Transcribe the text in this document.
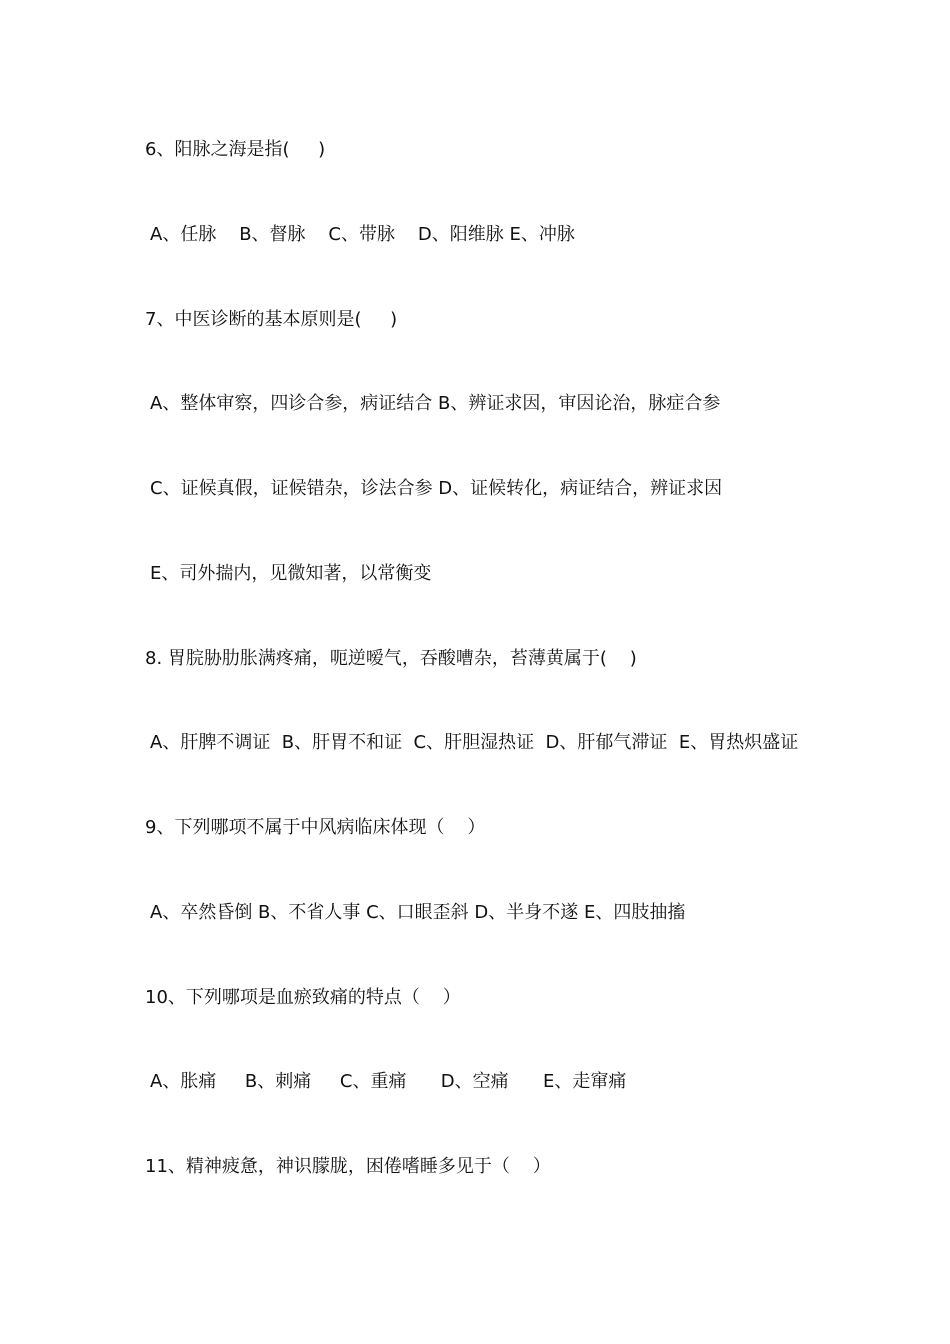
6、阳脉之海是指(     )
A、任脉    B、督脉    C、带脉    D、阳维脉 E、冲脉
7、中医诊断的基本原则是(     )
A、整体审察，四诊合参，病证结合 B、辨证求因，审因论治，脉症合参
C、证候真假，证候错杂，诊法合参 D、证候转化，病证结合，辨证求因
E、司外揣内，见微知著，以常衡变
8. 胃脘胁肋胀满疼痛，呃逆嗳气，吞酸嘈杂，苔薄黄属于(    )
A、肝脾不调证  B、肝胃不和证  C、肝胆湿热证  D、肝郁气滞证  E、胃热炽盛证
9、下列哪项不属于中风病临床体现（    ）
A、卒然昏倒 B、不省人事 C、口眼歪斜 D、半身不遂 E、四肢抽搐
10、下列哪项是血瘀致痛的特点（    ）
A、胀痛     B、刺痛     C、重痛      D、空痛      E、走窜痛
11、精神疲惫，神识朦胧，困倦嗜睡多见于（    ）
